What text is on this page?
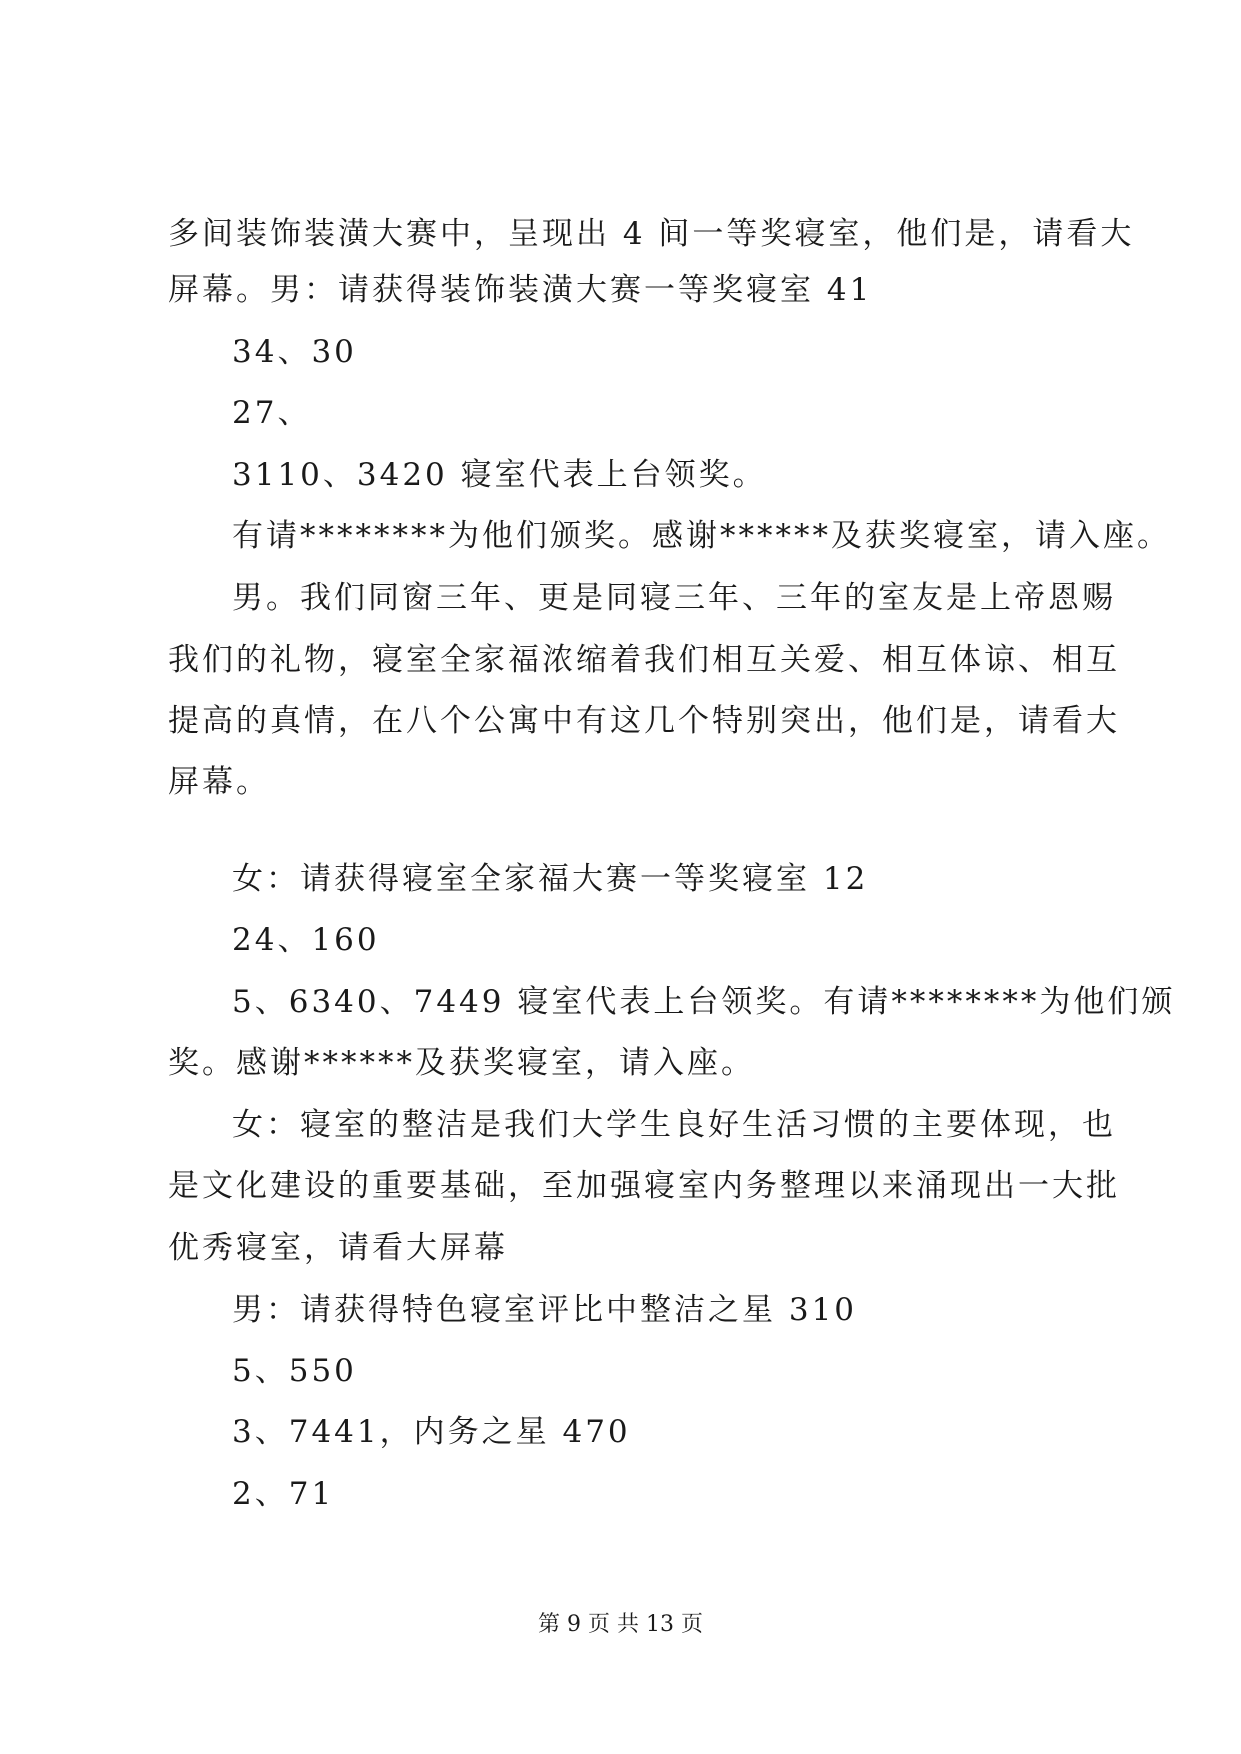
多间装饰装潢大赛中，呈现出 4 间一等奖寝室，他们是，请看大
屏幕。男：请获得装饰装潢大赛一等奖寝室 41
34、30
27、
3110、3420 寝室代表上台领奖。
有请********为他们颁奖。感谢******及获奖寝室，请入座。
男。我们同窗三年、更是同寝三年、三年的室友是上帝恩赐
我们的礼物，寝室全家福浓缩着我们相互关爱、相互体谅、相互
提高的真情，在八个公寓中有这几个特别突出，他们是，请看大
屏幕。
女：请获得寝室全家福大赛一等奖寝室 12
24、160
5、6340、7449 寝室代表上台领奖。有请********为他们颁
奖。感谢******及获奖寝室，请入座。
女：寝室的整洁是我们大学生良好生活习惯的主要体现，也
是文化建设的重要基础，至加强寝室内务整理以来涌现出一大批
优秀寝室，请看大屏幕
男：请获得特色寝室评比中整洁之星 310
5、550
3、7441，内务之星 470
2、71
第 9 页 共 13 页
